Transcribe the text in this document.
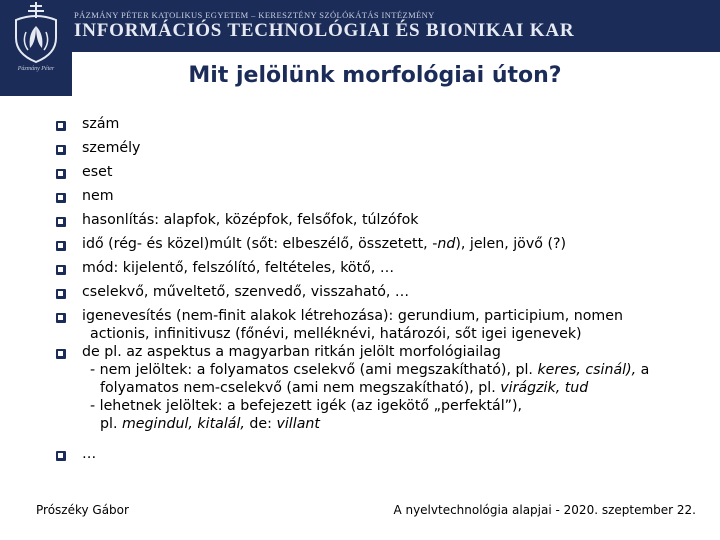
PÁZMÁNY PÉTER KATOLIKUS EGYETEM – KERESZTÉNY SZÓLÓKÁTÁS INTÉZMÉNY
INFORMÁCIÓS TECHNOLÓGIAI ÉS BIONIKAI KAR
Pázmány Péter	Mit jelölünk morfológiai úton?
szám
személy
eset
nem
hasonlítás: alapfok, középfok, felsőfok, túlzófok
idő (rég- és közel)múlt (sőt: elbeszélő, összetett, -nd), jelen, jövő (?)
mód: kijelentő, felszólító, feltételes, kötő, …
cselekvő, műveltető, szenvedő, visszaható, …
igenevesítés (nem-finit alakok létrehozása): gerundium, participium, nomen
actionis, infinitivusz (főnévi, melléknévi, határozói, sőt igei igenevek)
de pl. az aspektus a magyarban ritkán jelölt morfológiailag
- nem jelöltek: a folyamatos cselekvő (ami megszakítható), pl. keres, csinál), a
folyamatos nem-cselekvő (ami nem megszakítható), pl. virágzik, tud
- lehetnek jelöltek: a befejezett igék (az igekötő „perfektál”),
pl. megindul, kitalál, de: villant
…
Prószéky Gábor	A nyelvtechnológia alapjai - 2020. szeptember 22.
